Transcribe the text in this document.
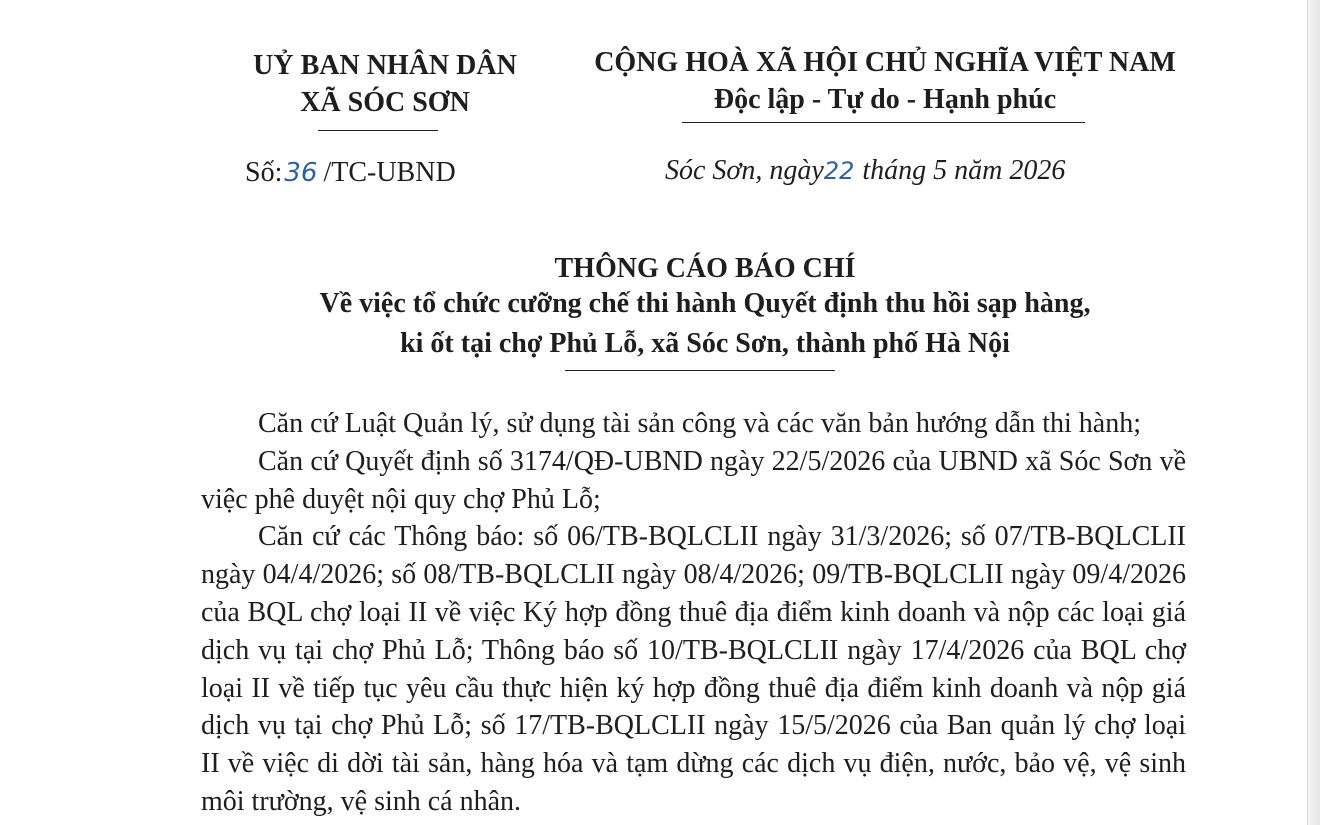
UỶ BAN NHÂN DÂN
XÃ SÓC SƠN
CỘNG HOÀ XÃ HỘI CHỦ NGHĨA VIỆT NAM
Độc lập - Tự do - Hạnh phúc
Số:36 /TC-UBND	Sóc Sơn, ngày22 tháng 5 năm 2026
THÔNG CÁO BÁO CHÍ
Về việc tổ chức cưỡng chế thi hành Quyết định thu hồi sạp hàng,
ki ốt tại chợ Phủ Lỗ, xã Sóc Sơn, thành phố Hà Nội

Căn cứ Luật Quản lý, sử dụng tài sản công và các văn bản hướng dẫn thi hành;

Căn cứ Quyết định số 3174/QĐ-UBND ngày 22/5/2026 của UBND xã Sóc Sơn về việc phê duyệt nội quy chợ Phủ Lỗ;

Căn cứ các Thông báo: số 06/TB-BQLCLII ngày 31/3/2026; số 07/TB-BQLCLII ngày 04/4/2026; số 08/TB-BQLCLII ngày 08/4/2026; 09/TB-BQLCLII ngày 09/4/2026 của BQL chợ loại II về việc Ký hợp đồng thuê địa điểm kinh doanh và nộp các loại giá dịch vụ tại chợ Phủ Lỗ; Thông báo số 10/TB-BQLCLII ngày 17/4/2026 của BQL chợ loại II về tiếp tục yêu cầu thực hiện ký hợp đồng thuê địa điểm kinh doanh và nộp giá dịch vụ tại chợ Phủ Lỗ; số 17/TB-BQLCLII ngày 15/5/2026 của Ban quản lý chợ loại II về việc di dời tài sản, hàng hóa và tạm dừng các dịch vụ điện, nước, bảo vệ, vệ sinh môi trường, vệ sinh cá nhân.
